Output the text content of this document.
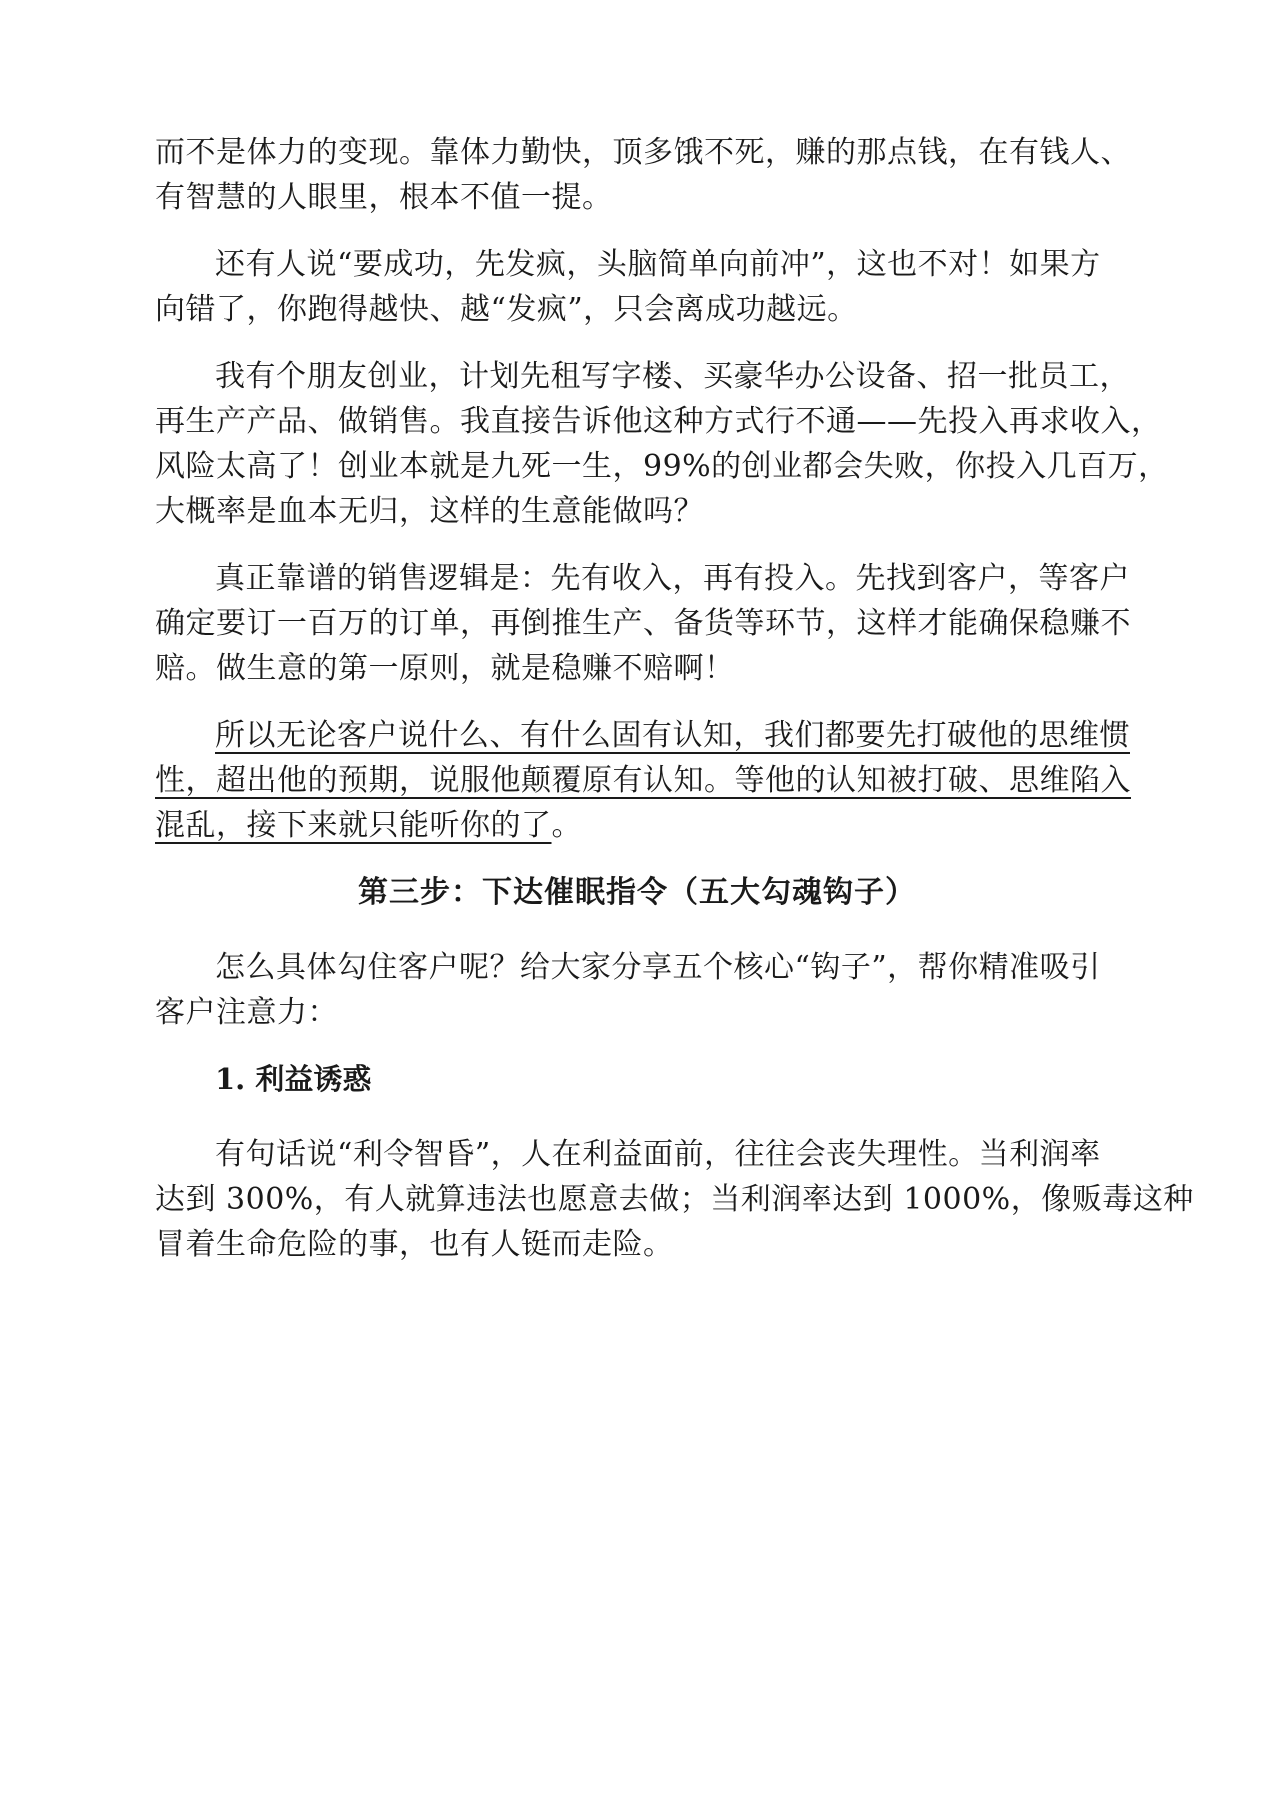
而不是体力的变现。靠体力勤快，顶多饿不死，赚的那点钱，在有钱人、
有智慧的人眼里，根本不值一提。
还有人说“要成功，先发疯，头脑简单向前冲”，这也不对！如果方
向错了，你跑得越快、越“发疯”，只会离成功越远。
我有个朋友创业，计划先租写字楼、买豪华办公设备、招一批员工，
再生产产品、做销售。我直接告诉他这种方式行不通——先投入再求收入，
风险太高了！创业本就是九死一生，99%的创业都会失败，你投入几百万，
大概率是血本无归，这样的生意能做吗？
真正靠谱的销售逻辑是：先有收入，再有投入。先找到客户，等客户
确定要订一百万的订单，再倒推生产、备货等环节，这样才能确保稳赚不
赔。做生意的第一原则，就是稳赚不赔啊！
所以无论客户说什么、有什么固有认知，我们都要先打破他的思维惯
性，超出他的预期，说服他颠覆原有认知。等他的认知被打破、思维陷入
混乱，接下来就只能听你的了。
第三步：下达催眠指令（五大勾魂钩子）
怎么具体勾住客户呢？给大家分享五个核心“钩子”，帮你精准吸引
客户注意力：
1. 利益诱惑
有句话说“利令智昏”，人在利益面前，往往会丧失理性。当利润率
达到 300%，有人就算违法也愿意去做；当利润率达到 1000%，像贩毒这种
冒着生命危险的事，也有人铤而走险。
